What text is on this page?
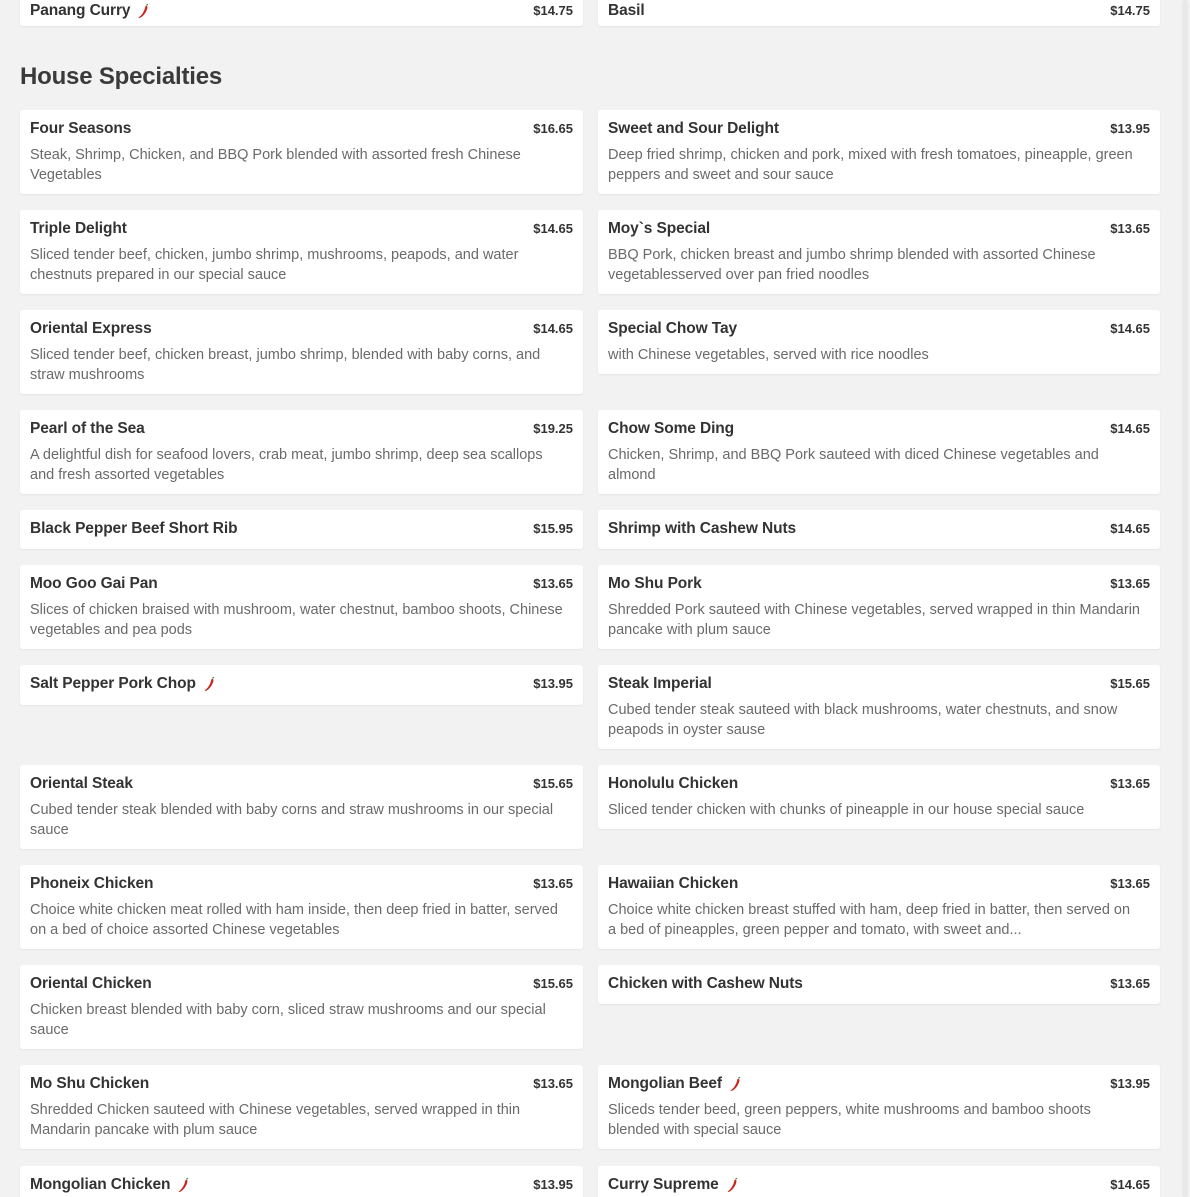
Panang Curry	$14.75 Basil	$14.75
House Specialties
Four Seasons	$16.65
Steak, Shrimp, Chicken, and BBQ Pork blended with assorted fresh Chinese Vegetables
Sweet and Sour Delight	$13.95
Deep fried shrimp, chicken and pork, mixed with fresh tomatoes, pineapple, green peppers and sweet and sour sauce
Triple Delight	$14.65
Sliced tender beef, chicken, jumbo shrimp, mushrooms, peapods, and water chestnuts prepared in our special sauce
Moy`s Special	$13.65
BBQ Pork, chicken breast and jumbo shrimp blended with assorted Chinese vegetablesserved over pan fried noodles
Oriental Express	$14.65
Sliced tender beef, chicken breast, jumbo shrimp, blended with baby corns, and straw mushrooms
Special Chow Tay	$14.65
with Chinese vegetables, served with rice noodles
Pearl of the Sea	$19.25
A delightful dish for seafood lovers, crab meat, jumbo shrimp, deep sea scallops and fresh assorted vegetables
Chow Some Ding	$14.65
Chicken, Shrimp, and BBQ Pork sauteed with diced Chinese vegetables and almond
Black Pepper Beef Short Rib	$15.95 Shrimp with Cashew Nuts	$14.65
Moo Goo Gai Pan	$13.65
Slices of chicken braised with mushroom, water chestnut, bamboo shoots, Chinese vegetables and pea pods
Mo Shu Pork	$13.65
Shredded Pork sauteed with Chinese vegetables, served wrapped in thin Mandarin pancake with plum sauce
Salt Pepper Pork Chop	$13.95 Steak Imperial	$15.65
Cubed tender steak sauteed with black mushrooms, water chestnuts, and snow peapods in oyster sause
Oriental Steak	$15.65
Cubed tender steak blended with baby corns and straw mushrooms in our special sauce
Honolulu Chicken	$13.65
Sliced tender chicken with chunks of pineapple in our house special sauce
Phoneix Chicken	$13.65
Choice white chicken meat rolled with ham inside, then deep fried in batter, served on a bed of choice assorted Chinese vegetables
Hawaiian Chicken	$13.65
Choice white chicken breast stuffed with ham, deep fried in batter, then served on a bed of pineapples, green pepper and tomato, with sweet and...
Oriental Chicken	$15.65
Chicken breast blended with baby corn, sliced straw mushrooms and our special sauce
Chicken with Cashew Nuts	$13.65
Mo Shu Chicken	$13.65
Shredded Chicken sauteed with Chinese vegetables, served wrapped in thin Mandarin pancake with plum sauce
Mongolian Beef	$13.95
Sliceds tender beed, green peppers, white mushrooms and bamboo shoots blended with special sauce
Mongolian Chicken	$13.95 Curry Supreme	$14.65
